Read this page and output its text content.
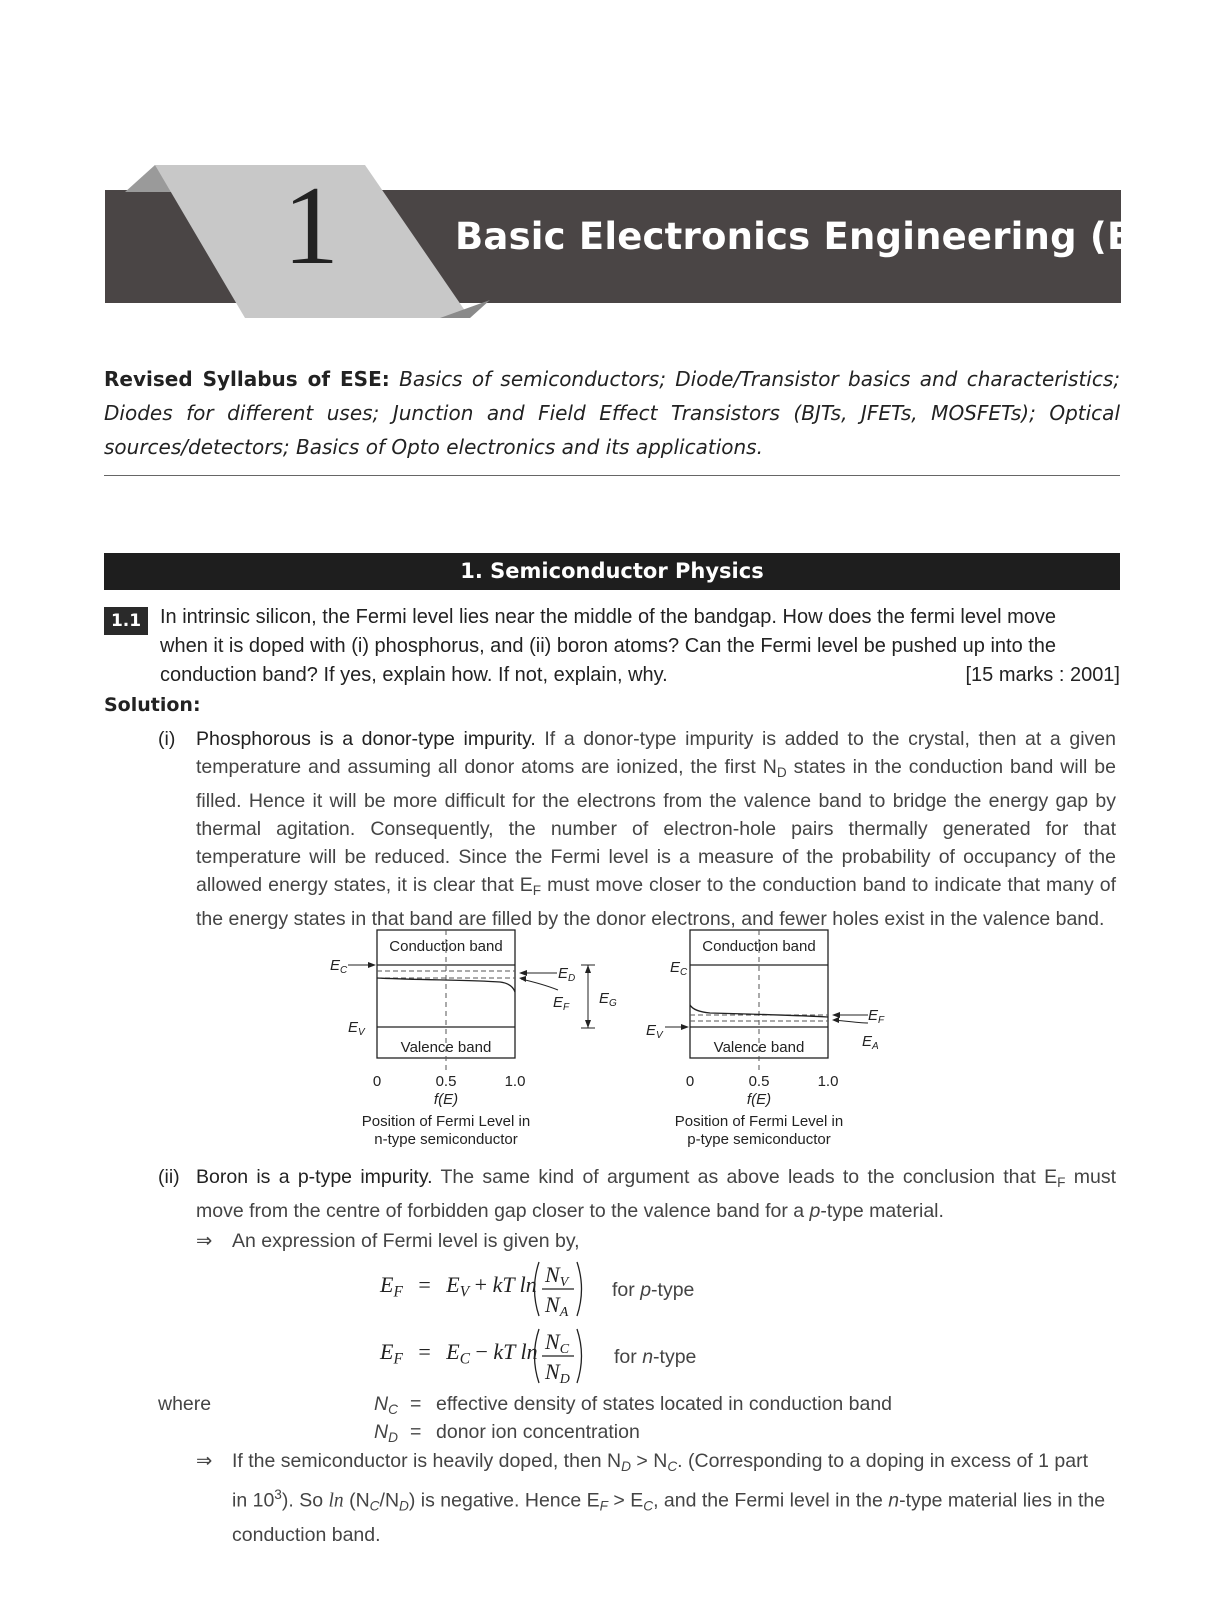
1	Basic Electronics Engineering (EDC)
Revised Syllabus of ESE: Basics of semiconductors; Diode/Transistor basics and characteristics; Diodes for different uses; Junction and Field Effect Transistors (BJTs, JFETs, MOSFETs); Optical sources/detectors; Basics of Opto electronics and its applications.
1. Semiconductor Physics
1.1 In intrinsic silicon, the Fermi level lies near the middle of the bandgap. How does the fermi level move
when it is doped with (i) phosphorus, and (ii) boron atoms? Can the Fermi level be pushed up into the
conduction band? If yes, explain how. If not, explain, why.	[15 marks : 2001]
Solution:
(i) Phosphorous is a donor-type impurity. If a donor-type impurity is added to the crystal, then at a given temperature and assuming all donor atoms are ionized, the first $N_D$ states in the conduction band will be filled. Hence it will be more difficult for the electrons from the valence band to bridge the energy gap by thermal agitation. Consequently, the number of electron-hole pairs thermally generated for that temperature will be reduced. Since the Fermi level is a measure of the probability of occupancy of the allowed energy states, it is clear that $E_F$ must move closer to the conduction band to indicate that many of the energy states in that band are filled by the donor electrons, and fewer holes exist in the valence band.
Conduction band
Valence band
$E_C$
$E_V$
$E_D$
$E_F$
$E_G$
0	0.5	1.0
f(E)
Position of Fermi Level in
n-type semiconductor
Conduction band
Valence band
$E_C$
$E_V$
$E_F$
$E_A$
0	0.5	1.0
f(E)
Position of Fermi Level in
p-type semiconductor
(ii) Boron is a p-type impurity. The same kind of argument as above leads to the conclusion that $E_F$ must move from the centre of forbidden gap closer to the valence band for a p-type material.
⇒ An expression of Fermi level is given by,
$E_F = E_V$ + kT ln NV
NA
for p-type
$E_F = E_C$ − kT ln NC
ND
for n-type
where	$N_C$ = effective density of states located in conduction band
$N_D$ = donor ion concentration
⇒ If the semiconductor is heavily doped, then $N_D > N_C$. (Corresponding to a doping in excess of 1 part
in $10^3$). So $\ln (N_C/N_D)$ is negative. Hence $E_F > E_C$, and the Fermi level in the n-type material lies in the
conduction band.
